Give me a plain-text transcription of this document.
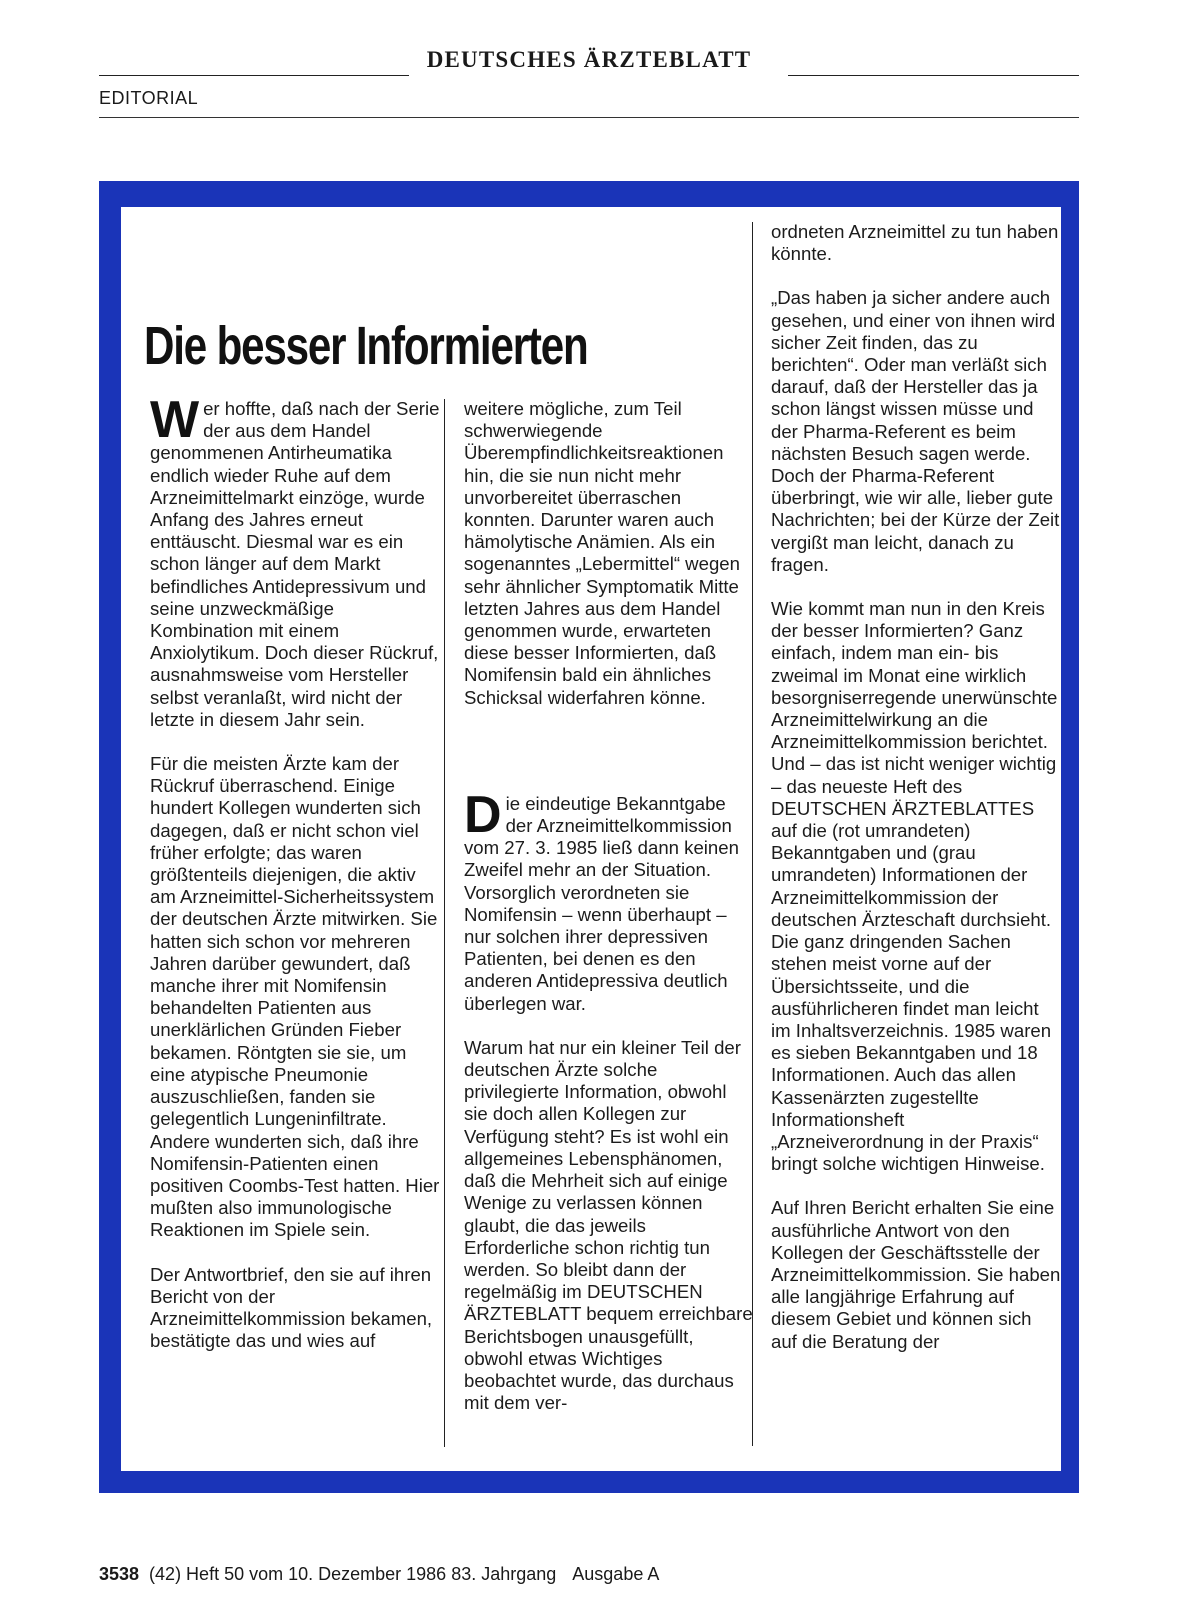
DEUTSCHES ÄRZTEBLATT
EDITORIAL
Die besser Informierten

Wer hoffte, daß nach der Serie der aus dem Handel genommenen Antirheumatika endlich wieder Ruhe auf dem Arzneimittelmarkt einzöge, wurde Anfang des Jahres erneut enttäuscht. Diesmal war es ein schon länger auf dem Markt befindliches Antidepressivum und seine unzweckmäßige Kombination mit einem Anxiolytikum. Doch dieser Rückruf, ausnahmsweise vom Hersteller selbst veranlaßt, wird nicht der letzte in diesem Jahr sein.

Für die meisten Ärzte kam der Rückruf überraschend. Einige hundert Kollegen wunderten sich dagegen, daß er nicht schon viel früher erfolgte; das waren größtenteils diejenigen, die aktiv am Arzneimittel-Sicherheitssystem der deutschen Ärzte mitwirken. Sie hatten sich schon vor mehreren Jahren darüber gewundert, daß manche ihrer mit Nomifensin behandelten Patienten aus unerklärlichen Gründen Fieber bekamen. Röntgten sie sie, um eine atypische Pneumonie auszuschließen, fanden sie gelegentlich Lungeninfiltrate. Andere wunderten sich, daß ihre Nomifensin-Patienten einen positiven Coombs-Test hatten. Hier mußten also immunologische Reaktionen im Spiele sein.

Der Antwortbrief, den sie auf ihren Bericht von der Arzneimittelkommission bekamen, bestätigte das und wies auf

weitere mögliche, zum Teil schwerwiegende Überempfindlichkeitsreaktionen hin, die sie nun nicht mehr unvorbereitet überraschen konnten. Darunter waren auch hämolytische Anämien. Als ein sogenanntes „Lebermittel“ wegen sehr ähnlicher Symptomatik Mitte letzten Jahres aus dem Handel genommen wurde, erwarteten diese besser Informierten, daß Nomifensin bald ein ähnliches Schicksal widerfahren könne.

Die eindeutige Bekanntgabe der Arzneimittelkommission vom 27. 3. 1985 ließ dann keinen Zweifel mehr an der Situation. Vorsorglich verordneten sie Nomifensin – wenn überhaupt – nur solchen ihrer depressiven Patienten, bei denen es den anderen Antidepressiva deutlich überlegen war.

Warum hat nur ein kleiner Teil der deutschen Ärzte solche privilegierte Information, obwohl sie doch allen Kollegen zur Verfügung steht? Es ist wohl ein allgemeines Lebensphänomen, daß die Mehrheit sich auf einige Wenige zu verlassen können glaubt, die das jeweils Erforderliche schon richtig tun werden. So bleibt dann der regelmäßig im DEUTSCHEN ÄRZTEBLATT bequem erreichbare Berichtsbogen unausgefüllt, obwohl etwas Wichtiges beobachtet wurde, das durchaus mit dem ver-

ordneten Arzneimittel zu tun haben könnte.

„Das haben ja sicher andere auch gesehen, und einer von ihnen wird sicher Zeit finden, das zu berichten“. Oder man verläßt sich darauf, daß der Hersteller das ja schon längst wissen müsse und der Pharma-Referent es beim nächsten Besuch sagen werde. Doch der Pharma-Referent überbringt, wie wir alle, lieber gute Nachrichten; bei der Kürze der Zeit vergißt man leicht, danach zu fragen.

Wie kommt man nun in den Kreis der besser Informierten? Ganz einfach, indem man ein- bis zweimal im Monat eine wirklich besorgniserregende unerwünschte Arzneimittelwirkung an die Arzneimittelkommission berichtet. Und – das ist nicht weniger wichtig – das neueste Heft des DEUTSCHEN ÄRZTEBLATTES auf die (rot umrandeten) Bekanntgaben und (grau umrandeten) Informationen der Arzneimittelkommission der deutschen Ärzteschaft durchsieht. Die ganz dringenden Sachen stehen meist vorne auf der Übersichtsseite, und die ausführlicheren findet man leicht im Inhaltsverzeichnis. 1985 waren es sieben Bekanntgaben und 18 Informationen. Auch das allen Kassenärzten zugestellte Informationsheft „Arzneiverordnung in der Praxis“ bringt solche wichtigen Hinweise.

Auf Ihren Bericht erhalten Sie eine ausführliche Antwort von den Kollegen der Geschäftsstelle der Arzneimittelkommission. Sie haben alle langjährige Erfahrung auf diesem Gebiet und können sich auf die Beratung der

3538 (42) Heft 50 vom 10. Dezember 1986 83. Jahrgang Ausgabe A
